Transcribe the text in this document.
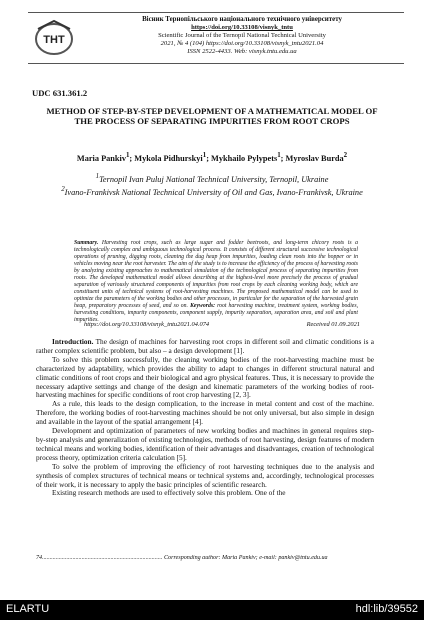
ТНТ
Вісник Тернопільського національного технічного університету
https://doi.org/10.33108/visnyk_tntu
Scientific Journal of the Ternopil National Technical University
2021, № 4 (104) https://doi.org/10.33108/visnyk_tntu2021.04
ISSN 2522-4433. Web: visnyk.tntu.edu.ua
UDC 631.361.2
METHOD OF STEP-BY-STEP DEVELOPMENT OF A MATHEMATICAL MODEL OF THE PROCESS OF SEPARATING IMPURITIES FROM ROOT CROPS
Maria Pankiv$^1$; Mykola Pidhurskyi$^1$; Mykhailo Pylypets$^1$; Myroslav Burda$^2$
$^1$Ternopil Ivan Puluj National Technical University, Ternopil, Ukraine
$^2$Ivano-Frankivsk National Technical University of Oil and Gas, Ivano-Frankivsk, Ukraine
Summary. Harvesting root crops, such as large sugar and fodder beetroots, and long-term chicory roots is a technologically complex and ambiguous technological process. It consists of different structural successive technological operations of pruning, digging roots, cleaning the dug heap from impurities, loading clean roots into the hopper or in vehicles moving near the root harvester. The aim of the study is to increase the efficiency of the process of harvesting roots by analyzing existing approaches to mathematical simulation of the technological process of separating impurities from roots. The developed mathematical model allows describing at the highest-level more precisely the process of gradual separation of variously structured components of impurities from root crops by each cleaning working body, which are constituent units of technical systems of root-harvesting machines. The proposed mathematical model can be used to optimize the parameters of the working bodies and other processes, in particular for the separation of the harvested grain heap, preparatory processes of seed, and so on. Keywords: root harvesting machine, treatment system, working bodies, harvesting conditions, impurity components, component supply, impurity separation, separation area, and soil and plant impurities.
https://doi.org/10.33108/visnyk_tntu2021.04.074	Received 01.09.2021

Introduction. The design of machines for harvesting root crops in different soil and climatic conditions is a rather complex scientific problem, but also – a design development [1].

To solve this problem successfully, the cleaning working bodies of the root-harvesting machine must be characterized by adaptability, which provides the ability to adapt to changes in different structural natural and climatic conditions of root crops and their biological and agro physical features. Thus, it is necessary to provide the necessary adaptive settings and change of the design and kinematic parameters of the working bodies of root-harvesting machines for specific conditions of root crop harvesting [2, 3].

As a rule, this leads to the design complication, to the increase in metal content and cost of the machine. Therefore, the working bodies of root-harvesting machines should be not only universal, but also simple in design and available in the layout of the spatial arrangement [4].

Development and optimization of parameters of new working bodies and machines in general requires step-by-step analysis and generalization of existing technologies, methods of root harvesting, design features of modern technical means and working bodies, identification of their advantages and disadvantages, creation of technological process theory, optimization criteria calculation [5].

To solve the problem of improving the efficiency of root harvesting techniques due to the analysis and synthesis of complex structures of technical means or technical systems and, accordingly, technological processes of their work, it is necessary to apply the basic principles of scientific research.

Existing research methods are used to effectively solve this problem. One of the

74............................................................................... Corresponding author: Maria Pankiv; e-mail: pankiv@tntu.edu.ua
ELARTU	hdl:lib/39552
